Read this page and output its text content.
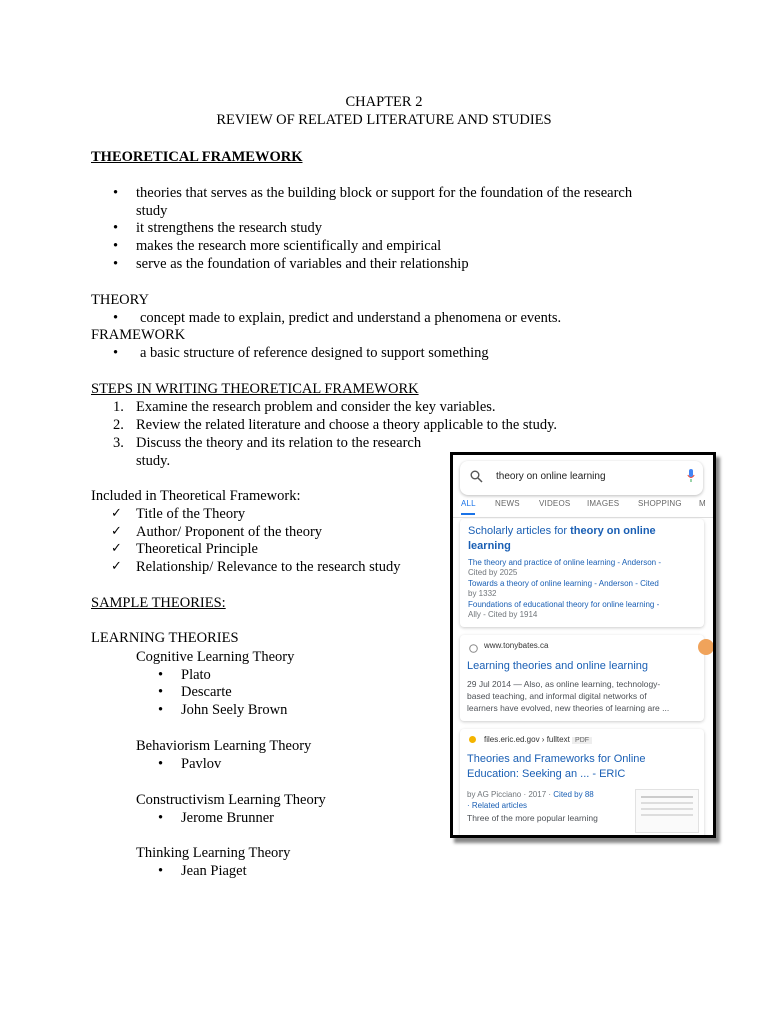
CHAPTER 2
REVIEW OF RELATED LITERATURE AND STUDIES
THEORETICAL FRAMEWORK
• theories that serves as the building block or support for the foundation of the research
study
• it strengthens the research study
• makes the research more scientifically and empirical
• serve as the foundation of variables and their relationship
THEORY
• concept made to explain, predict and understand a phenomena or events.
FRAMEWORK
• a basic structure of reference designed to support something
STEPS IN WRITING THEORETICAL FRAMEWORK
1. Examine the research problem and consider the key variables.
2. Review the related literature and choose a theory applicable to the study.
3. Discuss the theory and its relation to the research
study.
Included in Theoretical Framework:
✓ Title of the Theory
✓ Author/ Proponent of the theory
✓ Theoretical Principle
✓ Relationship/ Relevance to the research study
SAMPLE THEORIES:
LEARNING THEORIES
Cognitive Learning Theory
• Plato
• Descarte
• John Seely Brown
Behaviorism Learning Theory
• Pavlov
Constructivism Learning Theory
• Jerome Brunner
Thinking Learning Theory
• Jean Piaget
theory on online learning
ALL NEWS VIDEOS IMAGES SHOPPING M
Scholarly articles for theory on online
learning
The theory and practice of online learning - Anderson -
Cited by 2025
Towards a theory of online learning - Anderson - Cited
by 1332
Foundations of educational theory for online learning -
Ally - Cited by 1914
www.tonybates.ca
Learning theories and online learning
29 Jul 2014 — Also, as online learning, technology-
based teaching, and informal digital networks of
learners have evolved, new theories of learning are ...
files.eric.ed.gov › fulltext PDF
Theories and Frameworks for Online
Education: Seeking an ... - ERIC
by AG Picciano · 2017 · Cited by 88
· Related articles
Three of the more popular learning
